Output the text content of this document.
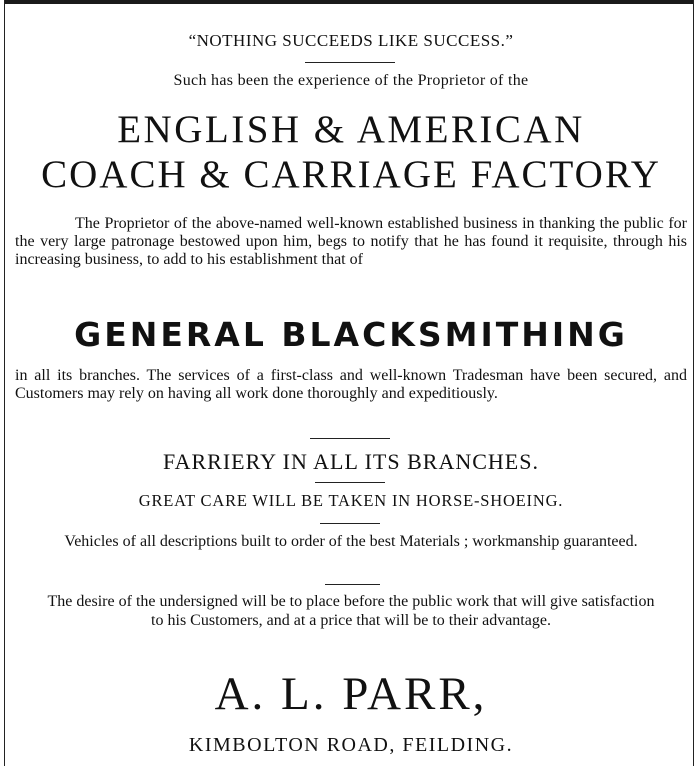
“NOTHING SUCCEEDS LIKE SUCCESS.”
Such has been the experience of the Proprietor of the
ENGLISH & AMERICAN
COACH & CARRIAGE FACTORY
The Proprietor of the above-named well-known established business in thanking the public for the very large patronage bestowed upon him, begs to notify that he has found it requisite, through his increasing business, to add to his establishment that of
GENERAL BLACKSMITHING
in all its branches. The services of a first-class and well-known Tradesman have been secured, and Customers may rely on having all work done thoroughly and expeditiously.
FARRIERY IN ALL ITS BRANCHES.
GREAT CARE WILL BE TAKEN IN HORSE-SHOEING.
Vehicles of all descriptions built to order of the best Materials ; workmanship guaranteed.
The desire of the undersigned will be to place before the public work that will give satisfaction to his Customers, and at a price that will be to their advantage.
A. L. PARR,
KIMBOLTON ROAD, FEILDING.
